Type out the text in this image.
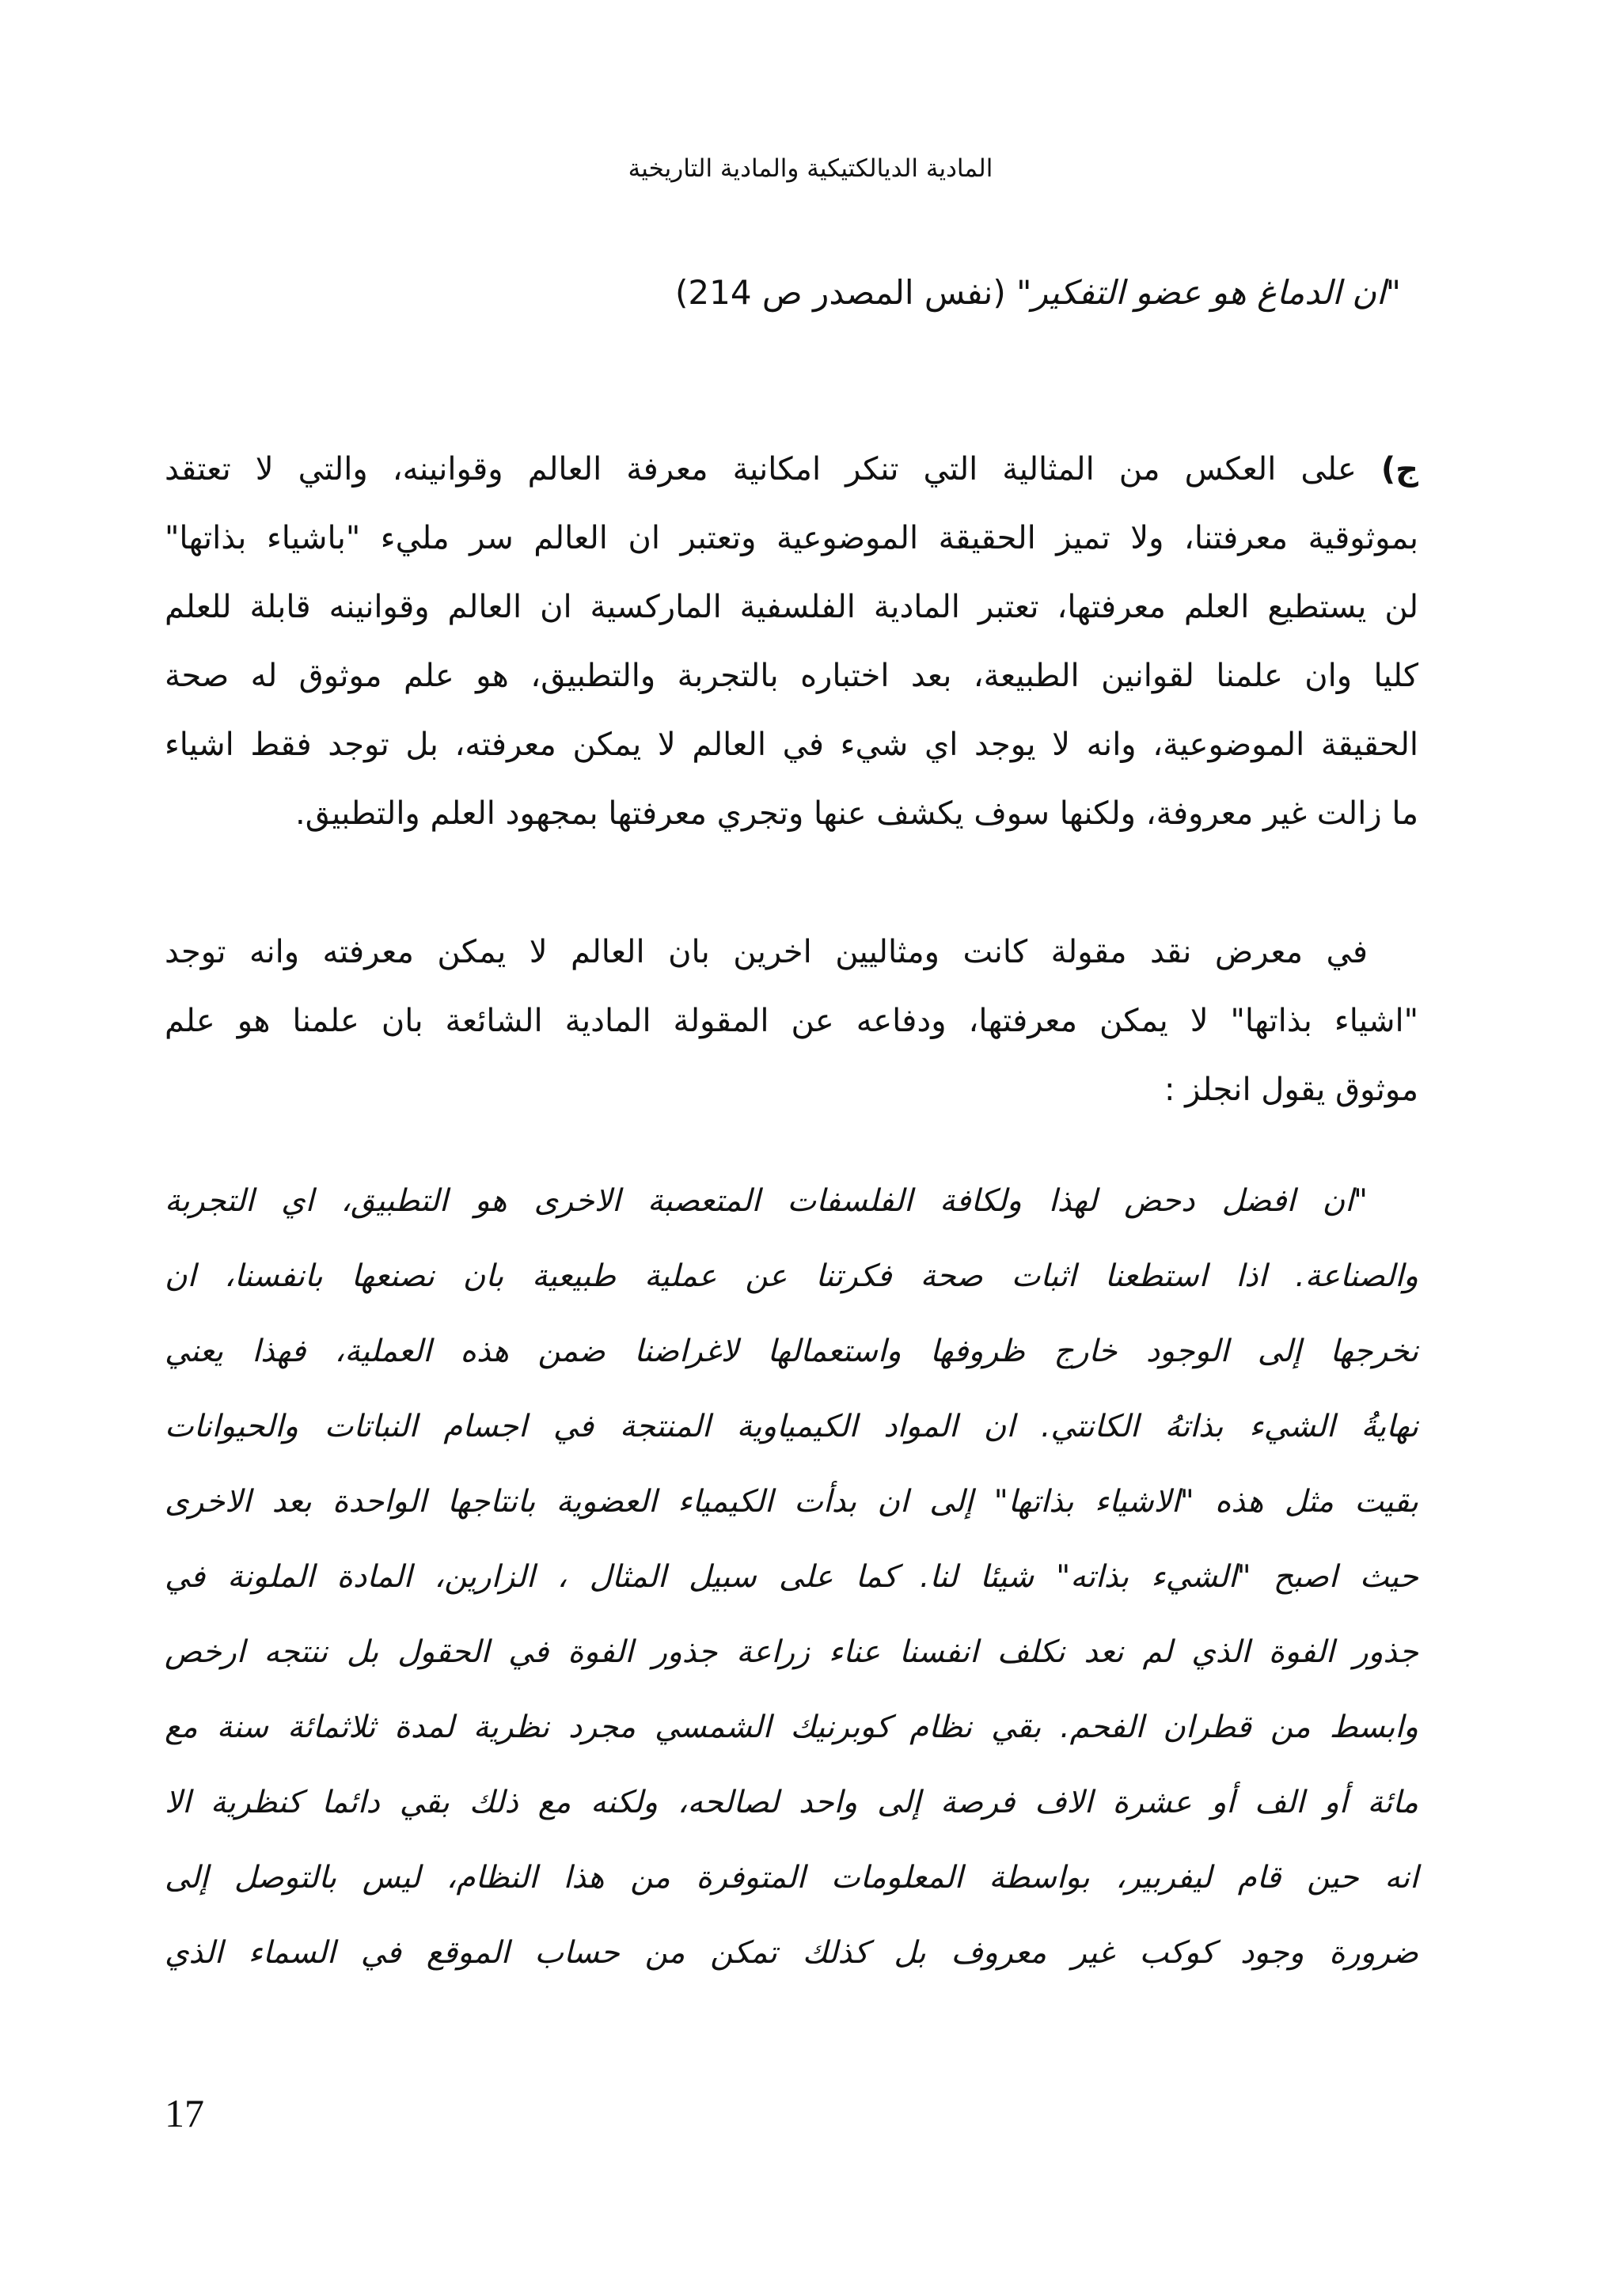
المادية الديالكتيكية والمادية التاريخية
"ان الدماغ هو عضو التفكير" (نفس المصدر ص 214)
ج) على العكس من المثالية التي تنكر امكانية معرفة العالم وقوانينه، والتي لا تعتقد
بموثوقية معرفتنا، ولا تميز الحقيقة الموضوعية وتعتبر ان العالم سر مليء "باشياء بذاتها"
لن يستطيع العلم معرفتها، تعتبر المادية الفلسفية الماركسية ان العالم وقوانينه قابلة للعلم
كليا وان علمنا لقوانين الطبيعة، بعد اختباره بالتجربة والتطبيق، هو علم موثوق له صحة
الحقيقة الموضوعية، وانه لا يوجد اي شيء في العالم لا يمكن معرفته، بل توجد فقط اشياء
ما زالت غير معروفة، ولكنها سوف يكشف عنها وتجري معرفتها بمجهود العلم والتطبيق.
في معرض نقد مقولة كانت ومثاليين اخرين بان العالم لا يمكن معرفته وانه توجد
"اشياء بذاتها" لا يمكن معرفتها، ودفاعه عن المقولة المادية الشائعة بان علمنا هو علم
موثوق يقول انجلز :
"ان افضل دحض لهذا ولكافة الفلسفات المتعصبة الاخرى هو التطبيق، اي التجربة
والصناعة. اذا استطعنا اثبات صحة فكرتنا عن عملية طبيعية بان نصنعها بانفسنا، ان
نخرجها إلى الوجود خارج ظروفها واستعمالها لاغراضنا ضمن هذه العملية، فهذا يعني
نهايةُ الشيء بذاتهُ الكانتي. ان المواد الكيمياوية المنتجة في اجسام النباتات والحيوانات
بقيت مثل هذه "الاشياء بذاتها" إلى ان بدأت الكيمياء العضوية بانتاجها الواحدة بعد الاخرى
حيث اصبح "الشيء بذاته" شيئا لنا. كما على سبيل المثال ، الزارين، المادة الملونة في
جذور الفوة الذي لم نعد نكلف انفسنا عناء زراعة جذور الفوة في الحقول بل ننتجه ارخص
وابسط من قطران الفحم. بقي نظام كوبرنيك الشمسي مجرد نظرية لمدة ثلاثمائة سنة مع
مائة أو الف أو عشرة الاف فرصة إلى واحد لصالحه، ولكنه مع ذلك بقي دائما كنظرية الا
انه حين قام ليفربير، بواسطة المعلومات المتوفرة من هذا النظام، ليس بالتوصل إلى
ضرورة وجود كوكب غير معروف بل كذلك تمكن من حساب الموقع في السماء الذي
17
